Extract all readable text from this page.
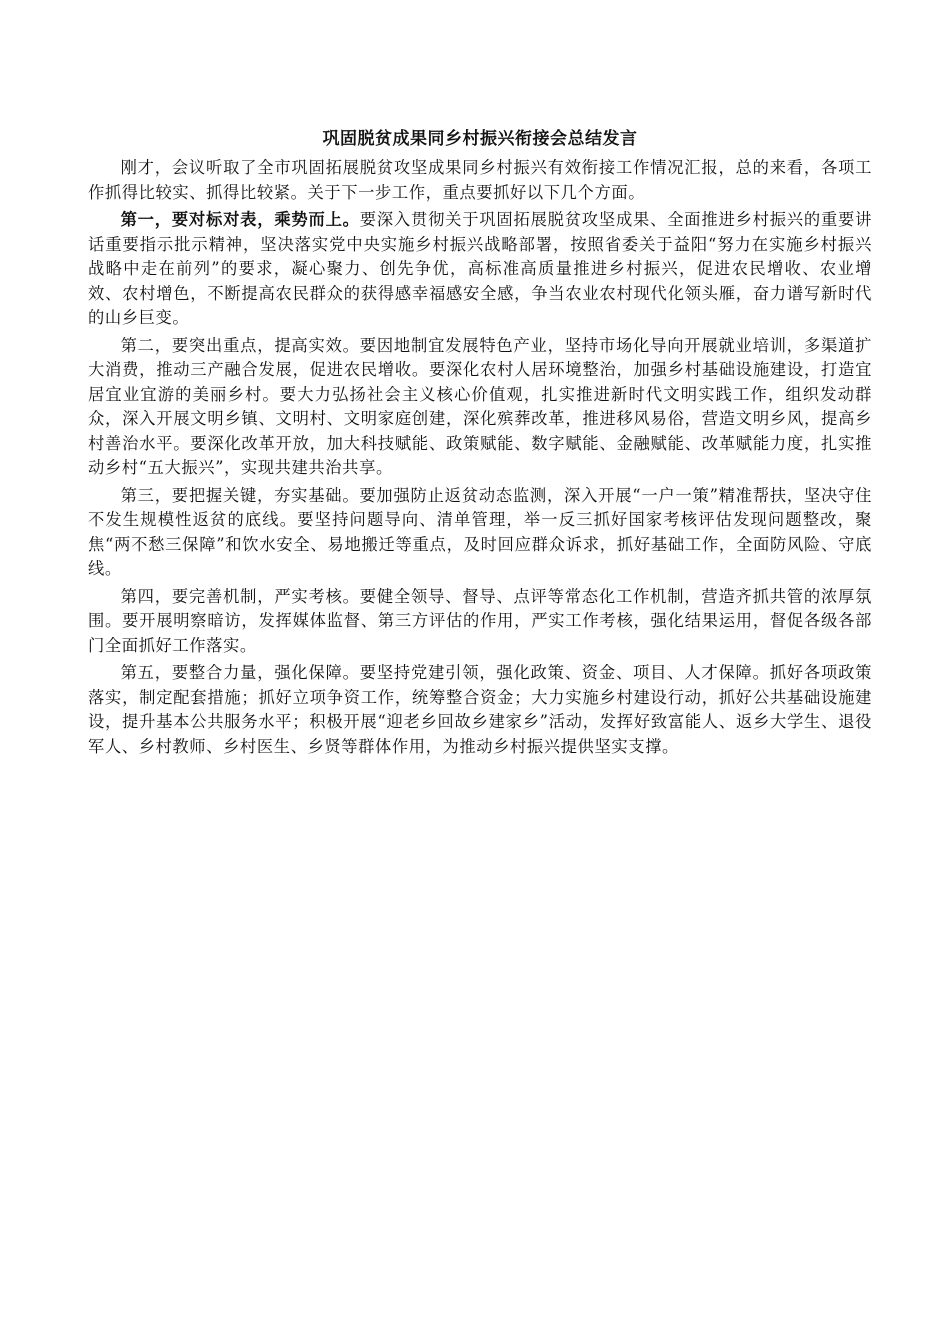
巩固脱贫成果同乡村振兴衔接会总结发言

刚才，会议听取了全市巩固拓展脱贫攻坚成果同乡村振兴有效衔接工作情况汇报，总的来看，各项工作抓得比较实、抓得比较紧。关于下一步工作，重点要抓好以下几个方面。

第一，要对标对表，乘势而上。要深入贯彻关于巩固拓展脱贫攻坚成果、全面推进乡村振兴的重要讲话重要指示批示精神，坚决落实党中央实施乡村振兴战略部署，按照省委关于益阳“努力在实施乡村振兴战略中走在前列”的要求，凝心聚力、创先争优，高标准高质量推进乡村振兴，促进农民增收、农业增效、农村增色，不断提高农民群众的获得感幸福感安全感，争当农业农村现代化领头雁，奋力谱写新时代的山乡巨变。

第二，要突出重点，提高实效。要因地制宜发展特色产业，坚持市场化导向开展就业培训，多渠道扩大消费，推动三产融合发展，促进农民增收。要深化农村人居环境整治，加强乡村基础设施建设，打造宜居宜业宜游的美丽乡村。要大力弘扬社会主义核心价值观，扎实推进新时代文明实践工作，组织发动群众，深入开展文明乡镇、文明村、文明家庭创建，深化殡葬改革，推进移风易俗，营造文明乡风，提高乡村善治水平。要深化改革开放，加大科技赋能、政策赋能、数字赋能、金融赋能、改革赋能力度，扎实推动乡村“五大振兴”，实现共建共治共享。

第三，要把握关键，夯实基础。要加强防止返贫动态监测，深入开展“一户一策”精准帮扶，坚决守住不发生规模性返贫的底线。要坚持问题导向、清单管理，举一反三抓好国家考核评估发现问题整改，聚焦“两不愁三保障”和饮水安全、易地搬迁等重点，及时回应群众诉求，抓好基础工作，全面防风险、守底线。

第四，要完善机制，严实考核。要健全领导、督导、点评等常态化工作机制，营造齐抓共管的浓厚氛围。要开展明察暗访，发挥媒体监督、第三方评估的作用，严实工作考核，强化结果运用，督促各级各部门全面抓好工作落实。

第五，要整合力量，强化保障。要坚持党建引领，强化政策、资金、项目、人才保障。抓好各项政策落实，制定配套措施；抓好立项争资工作，统筹整合资金；大力实施乡村建设行动，抓好公共基础设施建设，提升基本公共服务水平；积极开展“迎老乡回故乡建家乡”活动，发挥好致富能人、返乡大学生、退役军人、乡村教师、乡村医生、乡贤等群体作用，为推动乡村振兴提供坚实支撑。
